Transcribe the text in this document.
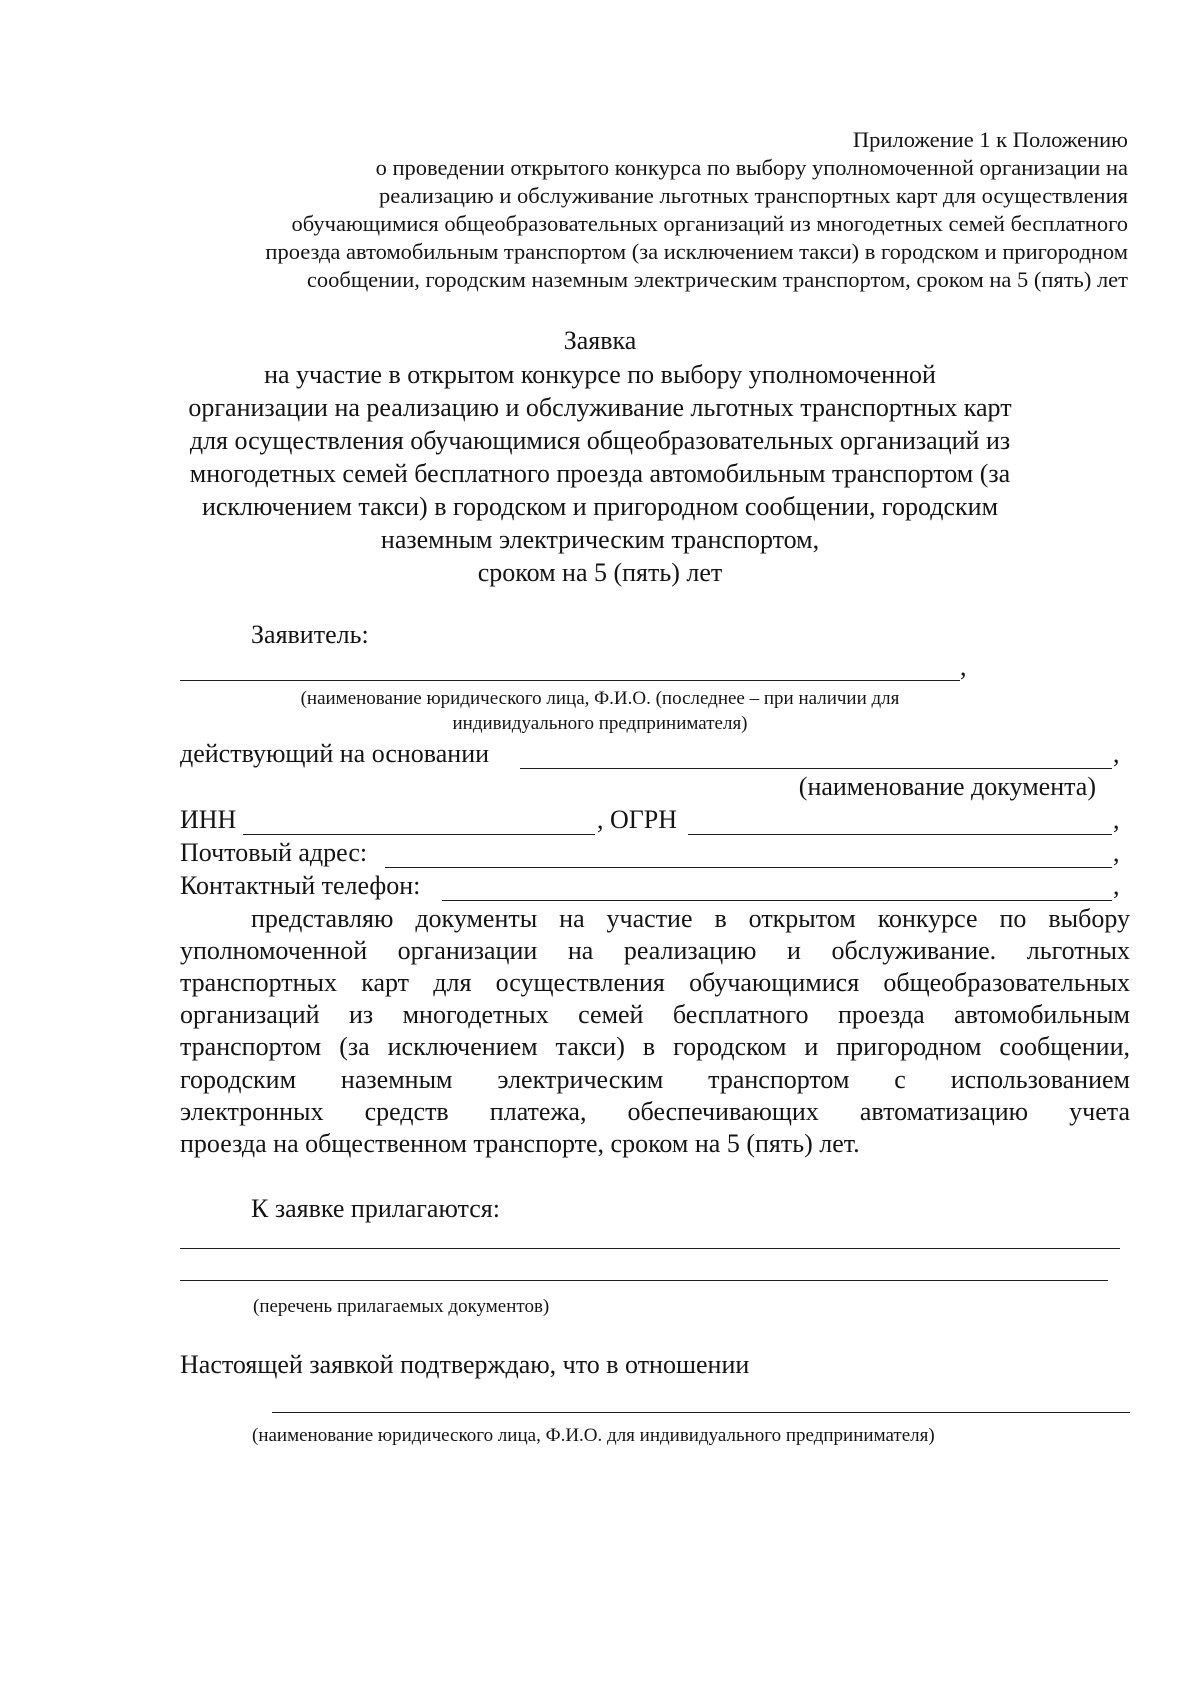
Приложение 1 к Положению
о проведении открытого конкурса по выбору уполномоченной организации на
реализацию и обслуживание льготных транспортных карт для осуществления
обучающимися общеобразовательных организаций из многодетных семей бесплатного
проезда автомобильным транспортом (за исключением такси) в городском и пригородном
сообщении, городским наземным электрическим транспортом, сроком на 5 (пять) лет
Заявка
на участие в открытом конкурсе по выбору уполномоченной
организации на реализацию и обслуживание льготных транспортных карт
для осуществления обучающимися общеобразовательных организаций из
многодетных семей бесплатного проезда автомобильным транспортом (за
исключением такси) в городском и пригородном сообщении, городским
наземным электрическим транспортом,
сроком на 5 (пять) лет
Заявитель:
,
(наименование юридического лица, Ф.И.О. (последнее – при наличии для
индивидуального предпринимателя)
действующий на основании	,
(наименование документа)
ИНН	, ОГРН	,
Почтовый адрес:	,
Контактный телефон:	,
представляю документы на участие в открытом конкурсе по выбору
уполномоченной организации на реализацию и обслуживание. льготных
транспортных карт для осуществления обучающимися общеобразовательных
организаций из многодетных семей бесплатного проезда автомобильным
транспортом (за исключением такси) в городском и пригородном сообщении,
городским наземным электрическим транспортом с использованием
электронных средств платежа, обеспечивающих автоматизацию учета
проезда на общественном транспорте, сроком на 5 (пять) лет.
К заявке прилагаются:
(перечень прилагаемых документов)
Настоящей заявкой подтверждаю, что в отношении
(наименование юридического лица, Ф.И.О. для индивидуального предпринимателя)
